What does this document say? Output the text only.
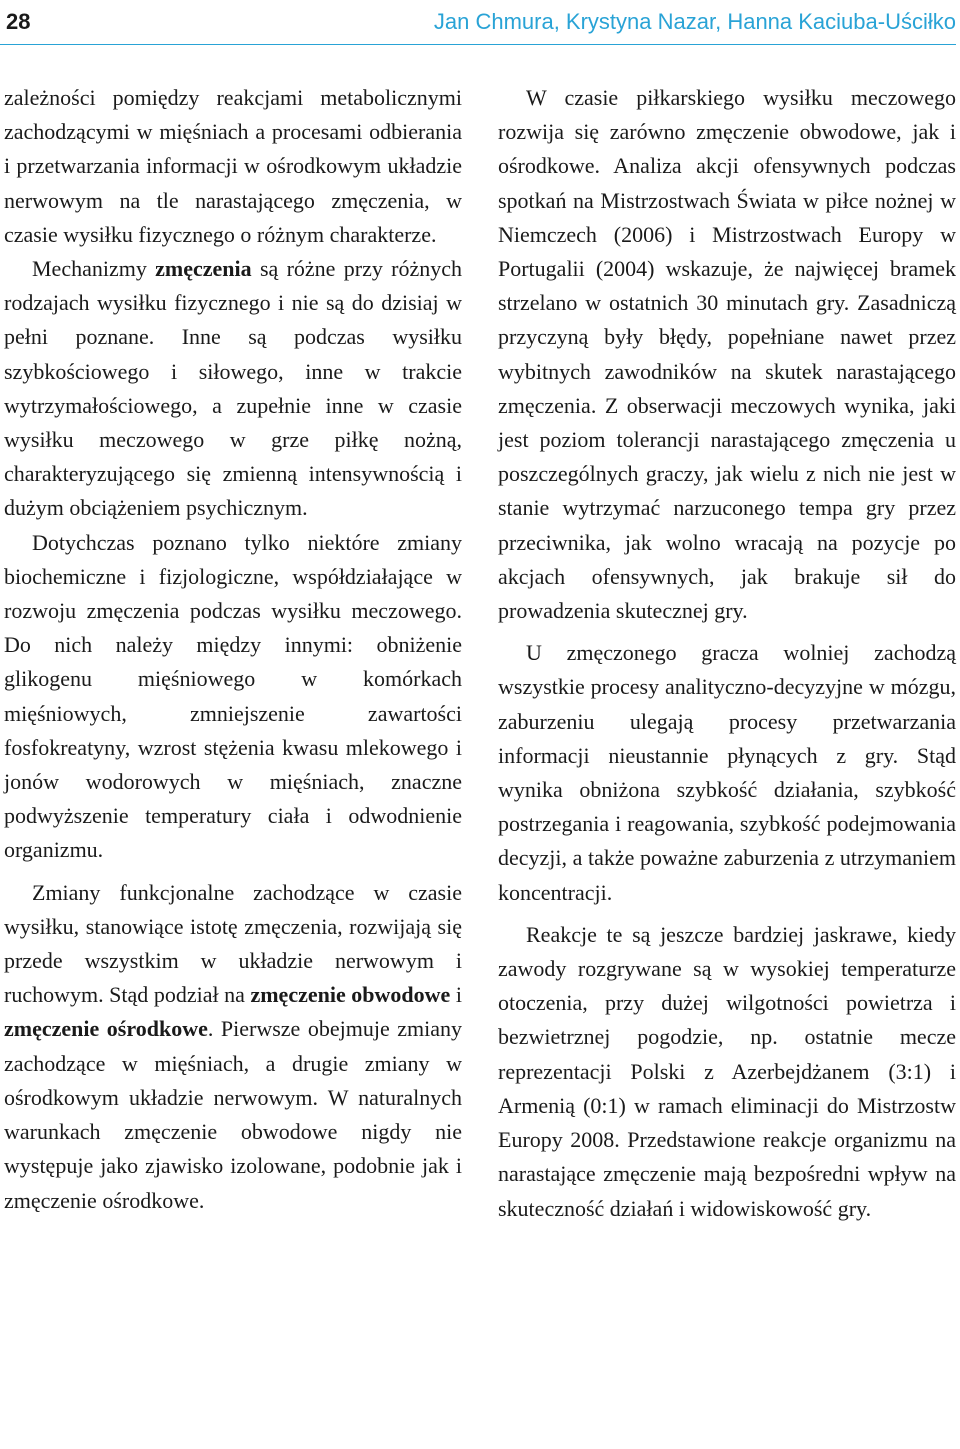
28	Jan Chmura, Krystyna Nazar, Hanna Kaciuba-Uściłko

zależności pomiędzy reakcjami metabolicznymi zachodzącymi w mięśniach a procesami odbierania i przetwarzania informacji w ośrodkowym układzie nerwowym na tle narastającego zmęczenia, w czasie wysiłku fizycznego o różnym charakterze.

Mechanizmy zmęczenia są różne przy różnych rodzajach wysiłku fizycznego i nie są do dzisiaj w pełni poznane. Inne są podczas wysiłku szybkościowego i siłowego, inne w trakcie wytrzymałościowego, a zupełnie inne w czasie wysiłku meczowego w grze piłkę nożną, charakteryzującego się zmienną intensywnością i dużym obciążeniem psychicznym.

Dotychczas poznano tylko niektóre zmiany biochemiczne i fizjologiczne, współdziałające w rozwoju zmęczenia podczas wysiłku meczowego. Do nich należy między innymi: obniżenie glikogenu mięśniowego w komórkach mięśniowych, zmniejszenie zawartości fosfokreatyny, wzrost stężenia kwasu mlekowego i jonów wodorowych w mięśniach, znaczne podwyższenie temperatury ciała i odwodnienie organizmu.

Zmiany funkcjonalne zachodzące w czasie wysiłku, stanowiące istotę zmęczenia, rozwijają się przede wszystkim w układzie nerwowym i ruchowym. Stąd podział na zmęczenie obwodowe i zmęczenie ośrodkowe. Pierwsze obejmuje zmiany zachodzące w mięśniach, a drugie zmiany w ośrodkowym układzie nerwowym. W naturalnych warunkach zmęczenie obwodowe nigdy nie występuje jako zjawisko izolowane, podobnie jak i zmęczenie ośrodkowe.

W czasie piłkarskiego wysiłku meczowego rozwija się zarówno zmęczenie obwodowe, jak i ośrodkowe. Analiza akcji ofensywnych podczas spotkań na Mistrzostwach Świata w piłce nożnej w Niemczech (2006) i Mistrzostwach Europy w Portugalii (2004) wskazuje, że najwięcej bramek strzelano w ostatnich 30 minutach gry. Zasadniczą przyczyną były błędy, popełniane nawet przez wybitnych zawodników na skutek narastającego zmęczenia. Z obserwacji meczowych wynika, jaki jest poziom tolerancji narastającego zmęczenia u poszczególnych graczy, jak wielu z nich nie jest w stanie wytrzymać narzuconego tempa gry przez przeciwnika, jak wolno wracają na pozycje po akcjach ofensywnych, jak brakuje sił do prowadzenia skutecznej gry.

U zmęczonego gracza wolniej zachodzą wszystkie procesy analityczno-decyzyjne w mózgu, zaburzeniu ulegają procesy przetwarzania informacji nieustannie płynących z gry. Stąd wynika obniżona szybkość działania, szybkość postrzegania i reagowania, szybkość podejmowania decyzji, a także poważne zaburzenia z utrzymaniem koncentracji.

Reakcje te są jeszcze bardziej jaskrawe, kiedy zawody rozgrywane są w wysokiej temperaturze otoczenia, przy dużej wilgotności powietrza i bezwietrznej pogodzie, np. ostatnie mecze reprezentacji Polski z Azerbejdżanem (3:1) i Armenią (0:1) w ramach eliminacji do Mistrzostw Europy 2008. Przedstawione reakcje organizmu na narastające zmęczenie mają bezpośredni wpływ na skuteczność działań i widowiskowość gry.
